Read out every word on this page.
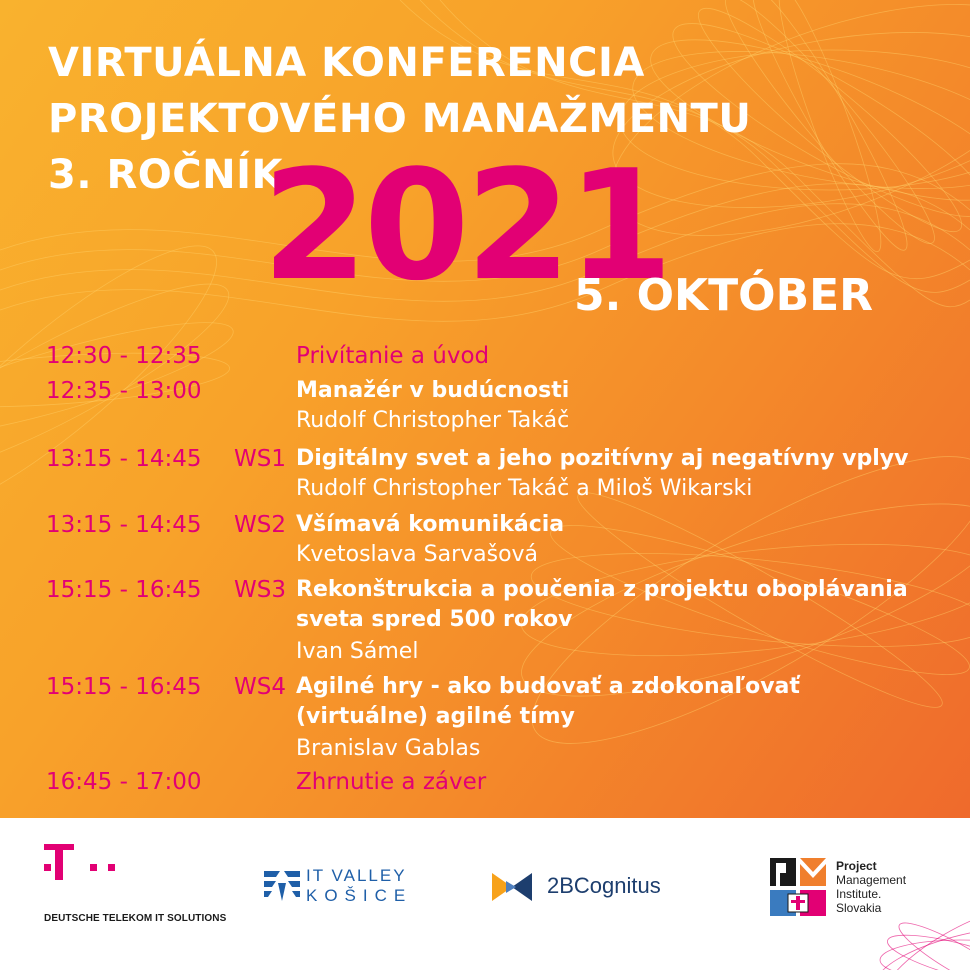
VIRTUÁLNA KONFERENCIA
PROJEKTOVÉHO MANAŽMENTU
3. ROČNÍK
2021
5. OKTÓBER
12:30 - 12:35	Privítanie a úvod
12:35 - 13:00	Manažér v budúcnosti
Rudolf Christopher Takáč
13:15 - 14:45 WS1 Digitálny svet a jeho pozitívny aj negatívny vplyv
Rudolf Christopher Takáč a Miloš Wikarski
13:15 - 14:45 WS2 Všímavá komunikácia
Kvetoslava Sarvašová
15:15 - 16:45 WS3 Rekonštrukcia a poučenia z projektu oboplávania
sveta spred 500 rokov
Ivan Sámel
15:15 - 16:45 WS4 Agilné hry - ako budovať a zdokonaľovať
(virtuálne) agilné tímy
Branislav Gablas
16:45 - 17:00	Zhrnutie a záver
DEUTSCHE TELEKOM IT SOLUTIONS
IT VALLEY
KOŠICE	2BCognitus
Project
Management
Institute.
Slovakia
